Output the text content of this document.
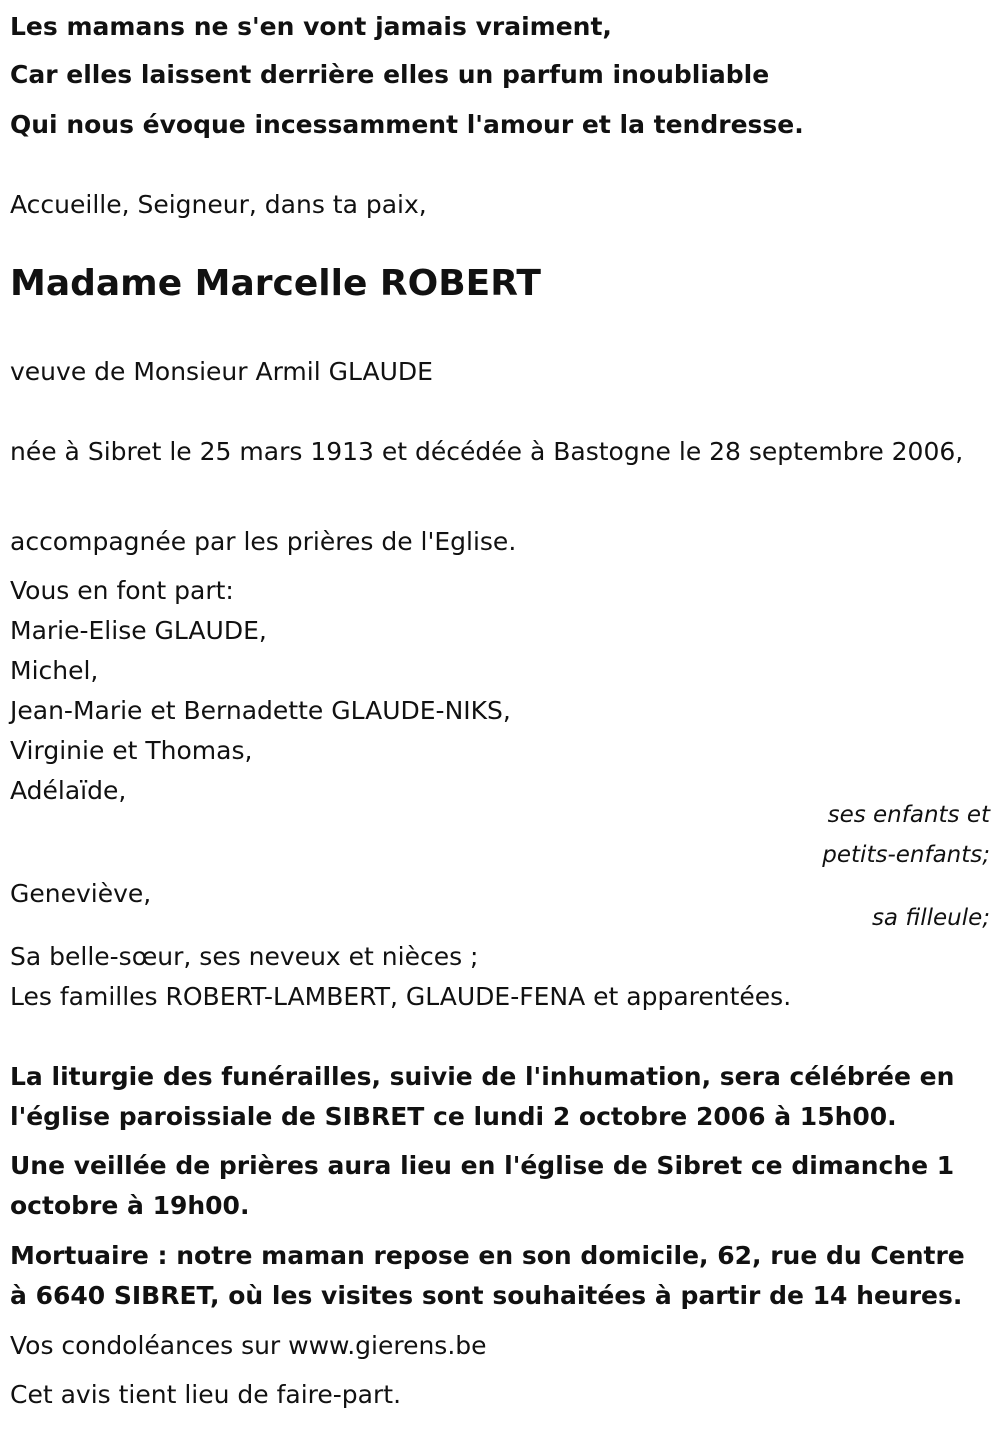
Les mamans ne s'en vont jamais vraiment,
Car elles laissent derrière elles un parfum inoubliable
Qui nous évoque incessamment l'amour et la tendresse.
Accueille, Seigneur, dans ta paix,
Madame Marcelle ROBERT
veuve de Monsieur Armil GLAUDE
née à Sibret le 25 mars 1913 et décédée à Bastogne le 28 septembre 2006,
accompagnée par les prières de l'Eglise.
Vous en font part:
Marie-Elise GLAUDE,
Michel,
Jean-Marie et Bernadette GLAUDE-NIKS,
Virginie et Thomas,
Adélaïde,
ses enfants et
petits-enfants;
Geneviève,
sa filleule;
Sa belle-sœur, ses neveux et nièces ;
Les familles ROBERT-LAMBERT, GLAUDE-FENA et apparentées.
La liturgie des funérailles, suivie de l'inhumation, sera célébrée en l'église paroissiale de SIBRET ce lundi 2 octobre 2006 à 15h00.
Une veillée de prières aura lieu en l'église de Sibret ce dimanche 1 octobre à 19h00.
Mortuaire : notre maman repose en son domicile, 62, rue du Centre à 6640 SIBRET, où les visites sont souhaitées à partir de 14 heures.
Vos condoléances sur www.gierens.be
Cet avis tient lieu de faire-part.
